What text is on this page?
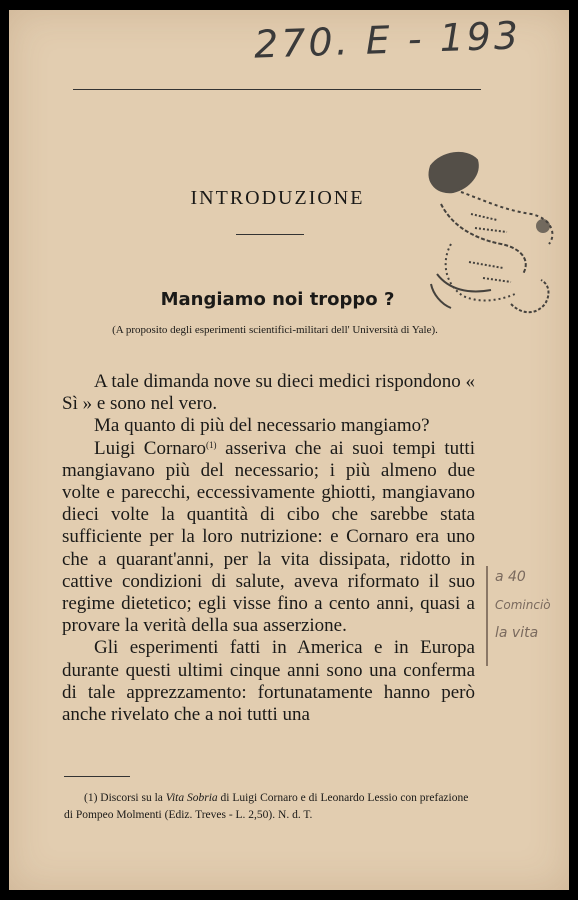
270. E - 193
INTRODUZIONE
Mangiamo noi troppo ?
(A proposito degli esperimenti scientifici-militari dell' Università di Yale).

A tale dimanda nove su dieci medici rispondono « Sì » e sono nel vero.

Ma quanto di più del necessario mangiamo?

Luigi Cornaro$^{(1)}$ asseriva che ai suoi tempi tutti mangiavano più del necessario; i più almeno due volte e parecchi, eccessivamente ghiotti, mangiavano dieci volte la quantità di cibo che sarebbe stata sufficiente per la loro nutrizione: e Cornaro era uno che a quarant'anni, per la vita dissipata, ridotto in cattive condizioni di salute, aveva riformato il suo regime dietetico; egli visse fino a cento anni, quasi a provare la verità della sua asserzione.

Gli esperimenti fatti in America e in Europa durante questi ultimi cinque anni sono una conferma di tale apprezzamento: fortunatamente hanno però anche rivelato che a noi tutti una

a 40
Cominciò
la vita
(1) Discorsi su la Vita Sobria di Luigi Cornaro e di Leonardo Lessio con prefazione di Pompeo Molmenti (Ediz. Treves - L. 2,50). N. d. T.
